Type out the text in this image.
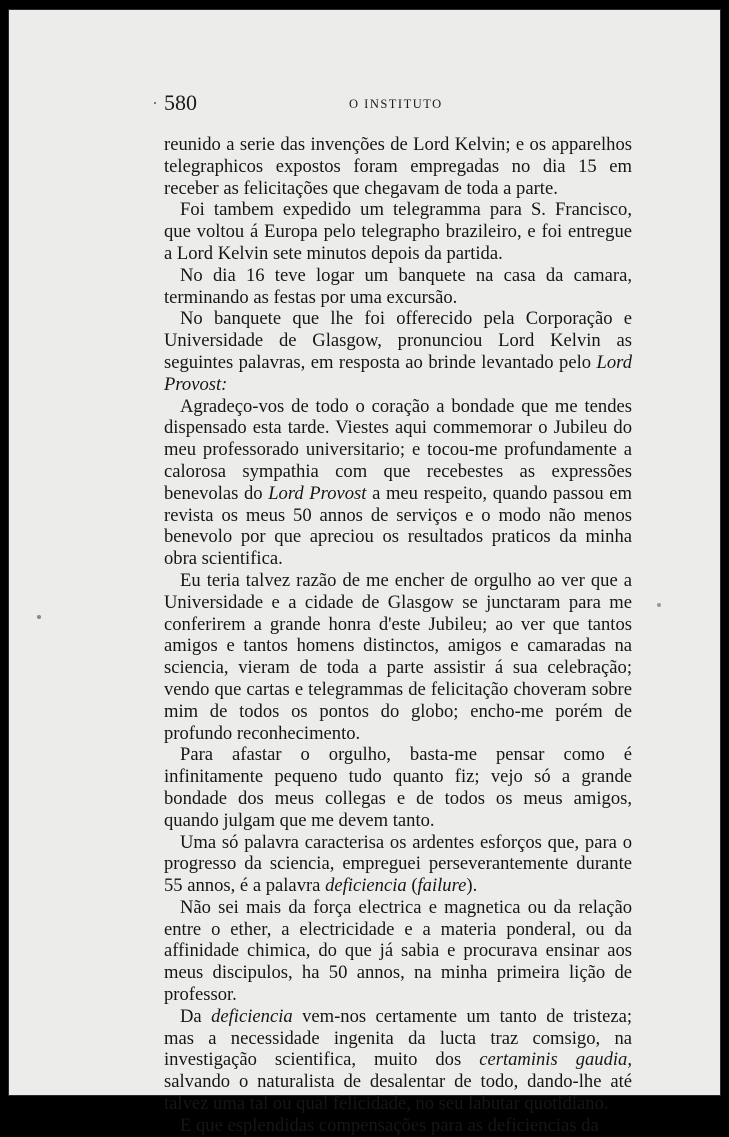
580	O INSTITUTO

reunido a serie das invenções de Lord Kelvin; e os apparelhos telegraphicos expostos foram empregadas no dia 15 em receber as felicitações que chegavam de toda a parte.

Foi tambem expedido um telegramma para S. Francisco, que voltou á Europa pelo telegrapho brazileiro, e foi entregue a Lord Kelvin sete minutos depois da partida.

No dia 16 teve logar um banquete na casa da camara, terminando as festas por uma excursão.

No banquete que lhe foi offerecido pela Corporação e Universidade de Glasgow, pronunciou Lord Kelvin as seguintes palavras, em resposta ao brinde levantado pelo Lord Provost:

Agradeço-vos de todo o coração a bondade que me tendes dispensado esta tarde. Viestes aqui commemorar o Jubileu do meu professorado universitario; e tocou-me profundamente a calorosa sympathia com que recebestes as expressões benevolas do Lord Provost a meu respeito, quando passou em revista os meus 50 annos de serviços e o modo não menos benevolo por que apreciou os resultados praticos da minha obra scientifica.

Eu teria talvez razão de me encher de orgulho ao ver que a Universidade e a cidade de Glasgow se junctaram para me conferirem a grande honra d'este Jubileu; ao ver que tantos amigos e tantos homens distinctos, amigos e camaradas na sciencia, vieram de toda a parte assistir á sua celebração; vendo que cartas e telegrammas de felicitação choveram sobre mim de todos os pontos do globo; encho-me porém de profundo reconhecimento.

Para afastar o orgulho, basta-me pensar como é infinitamente pequeno tudo quanto fiz; vejo só a grande bondade dos meus collegas e de todos os meus amigos, quando julgam que me devem tanto.

Uma só palavra caracterisa os ardentes esforços que, para o progresso da sciencia, empreguei perseverantemente durante 55 annos, é a palavra deficiencia (failure).

Não sei mais da força electrica e magnetica ou da relação entre o ether, a electricidade e a materia ponderal, ou da affinidade chimica, do que já sabia e procurava ensinar aos meus discipulos, ha 50 annos, na minha primeira lição de professor.

Da deficiencia vem-nos certamente um tanto de tristeza; mas a necessidade ingenita da lucta traz comsigo, na investigação scientifica, muito dos certaminis gaudia, salvando o naturalista de desalentar de todo, dando-lhe até talvez uma tal ou qual felicidade, no seu labutar quotidiano.

E que esplendidas compensações para as deficiencias da
